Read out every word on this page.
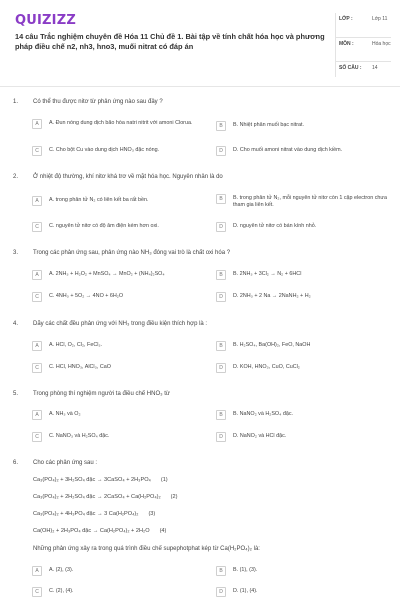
QUIZIZZ
14 câu Trắc nghiệm chuyên đề Hóa 11 Chủ đề 1. Bài tập về tính chất hóa học và phương pháp điều chế n2, nh3, hno3, muối nitrat có đáp án
LỚP :	Lớp 11
MÔN :	Hóa học
SỐ CÂU : 14
1. Có thể thu được nitơ từ phản ứng nào sau đây ?
A	A. Đun nóng dung dịch bão hòa natri nitrit với amoni Clorua.	B	B. Nhiệt phân muối bạc nitrat.
C	C. Cho bột Cu vào dung dịch HNO₃ đặc nóng.	D	D. Cho muối amoni nitrat vào dung dịch kiềm.
2. Ở nhiệt độ thường, khí nitơ khá trơ về mặt hóa học. Nguyên nhân là do
A	A. trong phân tử N₂ có liên kết ba rất bền.	B	B. trong phân tử N₂, mỗi nguyên tử nitơ còn 1 cặp electron chưa tham gia liên kết.
C	C. nguyên tử nitơ có độ âm điện kém hơn oxi.	D	D. nguyên tử nitơ có bán kính nhỏ.
3. Trong các phản ứng sau, phản ứng nào NH₃ đóng vai trò là chất oxi hóa ?
A	A. 2NH₃ + H₂O₂ + MnSO₄ → MnO₂ + (NH₄)₂SO₄	B	B. 2NH₃ + 3Cl₂ → N₂ + 6HCl
C	C. 4NH₃ + 5O₂ → 4NO + 6H₂O	D	D. 2NH₃ + 2 Na → 2NaNH₂ + H₂
4. Dãy các chất đều phản ứng với NH₃ trong điều kiện thích hợp là :
A	A. HCl, O₂, Cl₂, FeCl₃.	B	B. H₂SO₄, Ba(OH)₂, FeO, NaOH
C	C. HCl, HNO₃, AlCl₃, CaO	D	D. KOH, HNO₃, CuO, CuCl₂
5. Trong phòng thí nghiệm người ta điều chế HNO₃ từ
A	A. NH₃ và O₂	B	B. NaNO₂ và H₂SO₄ đặc.
C	C. NaNO₃ và H₂SO₄ đặc.	D	D. NaNO₂ và HCl đặc.
6. Cho các phản ứng sau :
Ca₃(PO₄)₂ + 3H₂SO₄ đặc → 3CaSO₄ + 2H₃PO₄ (1)
Ca₃(PO₄)₂ + 2H₂SO₄ đặc → 2CaSO₄ + Ca(H₂PO₄)₂ (2)
Ca₃(PO₄)₂ + 4H₃PO₄ đặc → 3 Ca(H₂PO₄)₂ (3)
Ca(OH)₂ + 2H₃PO₄ đặc → Ca(H₂PO₄)₂ + 2H₂O (4)
Những phản ứng xảy ra trong quá trình điều chế supephotphat kép từ Ca(H₂PO₄)₂ là:
A	A. (2), (3).	B	B. (1), (3).
C	C. (2), (4).	D	D. (1), (4).
